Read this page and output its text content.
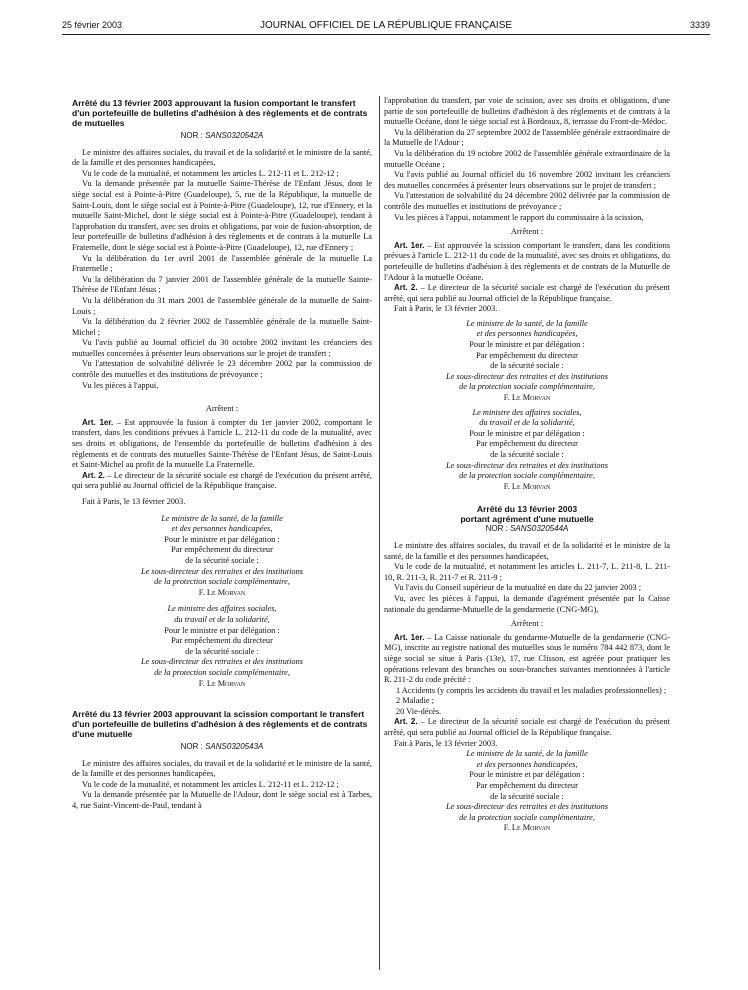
25 février 2003	JOURNAL OFFICIEL DE LA RÉPUBLIQUE FRANÇAISE	3339

Arrêté du 13 février 2003 approuvant la fusion comportant le transfert d'un portefeuille de bulletins d'adhésion à des règlements et de contrats de mutuelles

NOR : SANS0320542A

Le ministre des affaires sociales, du travail et de la solidarité et le ministre de la santé, de la famille et des personnes handicapées,

Vu le code de la mutualité, et notamment les articles L. 212-11 et L. 212-12 ;

Vu la demande présentée par la mutuelle Sainte-Thérèse de l'Enfant Jésus, dont le siège social est à Pointe-à-Pitre (Guadeloupe), 5, rue de la République, la mutuelle de Saint-Louis, dont le siège social est à Pointe-à-Pitre (Guadeloupe), 12, rue d'Ennery, et la mutuelle Saint-Michel, dont le siège social est à Pointe-à-Pitre (Guadeloupe), tendant à l'approbation du transfert, avec ses droits et obligations, par voie de fusion-absorption, de leur portefeuille de bulletins d'adhésion à des règlements et de contrats à la mutuelle La Fraternelle, dont le siège social est à Pointe-à-Pitre (Guadeloupe), 12, rue d'Ennery ;

Vu la délibération du 1er avril 2001 de l'assemblée générale de la mutuelle La Fraternelle ;

Vu la délibération du 7 janvier 2001 de l'assemblée générale de la mutuelle Sainte-Thérèse de l'Enfant Jésus ;

Vu la délibération du 31 mars 2001 de l'assemblée générale de la mutuelle de Saint-Louis ;

Vu la délibération du 2 février 2002 de l'assemblée générale de la mutuelle Saint-Michel ;

Vu l'avis publié au Journal officiel du 30 octobre 2002 invitant les créanciers des mutuelles concernées à présenter leurs observations sur le projet de transfert ;

Vu l'attestation de solvabilité délivrée le 23 décembre 2002 par la commission de contrôle des mutuelles et des institutions de prévoyance ;

Vu les pièces à l'appui,

Arrêtent :

Art. 1er. – Est approuvée la fusion à compter du 1er janvier 2002, comportant le transfert, dans les conditions prévues à l'article L. 212-11 du code de la mutualité, avec ses droits et obligations, de l'ensemble du portefeuille de bulletins d'adhésion à des règlements et de contrats des mutuelles Sainte-Thérèse de l'Enfant Jésus, de Saint-Louis et Saint-Michel au profit de la mutuelle La Fraternelle.

Art. 2. – Le directeur de la sécurité sociale est chargé de l'exécution du présent arrêté, qui sera publié au Journal officiel de la République française.

Fait à Paris, le 13 février 2003.

Le ministre de la santé, de la famille

et des personnes handicapées,

Pour le ministre et par délégation :

Par empêchement du directeur

de la sécurité sociale :

Le sous-directeur des retraites et des institutions

de la protection sociale complémentaire,

F. Le Morvan

Le ministre des affaires sociales,

du travail et de la solidarité,

Pour le ministre et par délégation :

Par empêchement du directeur

de la sécurité sociale :

Le sous-directeur des retraites et des institutions

de la protection sociale complémentaire,

F. Le Morvan

Arrêté du 13 février 2003 approuvant la scission comportant le transfert d'un portefeuille de bulletins d'adhésion à des règlements et de contrats d'une mutuelle

NOR : SANS0320543A

Le ministre des affaires sociales, du travail et de la solidarité et le ministre de la santé, de la famille et des personnes handicapées,

Vu le code de la mutualité, et notamment les articles L. 212-11 et L. 212-12 ;

Vu la demande présentée par la Mutuelle de l'Adour, dont le siège social est à Tarbes, 4, rue Saint-Vincent-de-Paul, tendant à

l'approbation du transfert, par voie de scission, avec ses droits et obligations, d'une partie de son portefeuille de bulletins d'adhésion à des règlements et de contrats à la mutuelle Océane, dont le siège social est à Bordeaux, 8, terrasse du Front-de-Médoc.

Vu la délibération du 27 septembre 2002 de l'assemblée générale extraordinaire de la Mutuelle de l'Adour ;

Vu la délibération du 19 octobre 2002 de l'assemblée générale extraordinaire de la mutuelle Océane ;

Vu l'avis publié au Journal officiel du 16 novembre 2002 invitant les créanciers des mutuelles concernées à présenter leurs observations sur le projet de transfert ;

Vu l'attestation de solvabilité du 24 décembre 2002 délivrée par la commission de contrôle des mutuelles et institutions de prévoyance ;

Vu les pièces à l'appui, notamment le rapport du commissaire à la scission,

Arrêtent :

Art. 1er. – Est approuvée la scission comportant le transfert, dans les conditions prévues à l'article L. 212-11 du code de la mutualité, avec ses droits et obligations, du portefeuille de bulletins d'adhésion à des règlements et de contrats de la Mutuelle de l'Adour à la mutuelle Océane.

Art. 2. – Le directeur de la sécurité sociale est chargé de l'exécution du présent arrêté, qui sera publié au Journal officiel de la République française.

Fait à Paris, le 13 février 2003.

Le ministre de la santé, de la famille

et des personnes handicapées,

Pour le ministre et par délégation :

Par empêchement du directeur

de la sécurité sociale :

Le sous-directeur des retraites et des institutions

de la protection sociale complémentaire,

F. Le Morvan

Le ministre des affaires sociales,

du travail et de la solidarité,

Pour le ministre et par délégation :

Par empêchement du directeur

de la sécurité sociale :

Le sous-directeur des retraites et des institutions

de la protection sociale complémentaire,

F. Le Morvan

Arrêté du 13 février 2003

portant agrément d'une mutuelle

NOR : SANS0320544A

Le ministre des affaires sociales, du travail et de la solidarité et le ministre de la santé, de la famille et des personnes handicapées,

Vu le code de la mutualité, et notamment les articles L. 211-7, L. 211-8, L. 211-10, R. 211-3, R. 211-7 et R. 211-9 ;

Vu l'avis du Conseil supérieur de la mutualité en date du 22 janvier 2003 ;

Vu, avec les pièces à l'appui, la demande d'agrément présentée par la Caisse nationale du gendarme-Mutuelle de la gendarmerie (CNG-MG),

Arrêtent :

Art. 1er. – La Caisse nationale du gendarme-Mutuelle de la gendarmerie (CNG-MG), inscrite au registre national des mutuelles sous le numéro 784 442 873, dont le siège social se situe à Paris (13e), 17, rue Clisson, est agréée pour pratiquer les opérations relevant des branches ou sous-branches suivantes mentionnées à l'article R. 211-2 du code précité :

1 Accidents (y compris les accidents du travail et les maladies professionnelles) ;

2 Maladie ;

20 Vie-décès.

Art. 2. – Le directeur de la sécurité sociale est chargé de l'exécution du présent arrêté, qui sera publié au Journal officiel de la République française.

Fait à Paris, le 13 février 2003.

Le ministre de la santé, de la famille

et des personnes handicapées,

Pour le ministre et par délégation :

Par empêchement du directeur

de la sécurité sociale :

Le sous-directeur des retraites et des institutions

de la protection sociale complémentaire,

F. Le Morvan
